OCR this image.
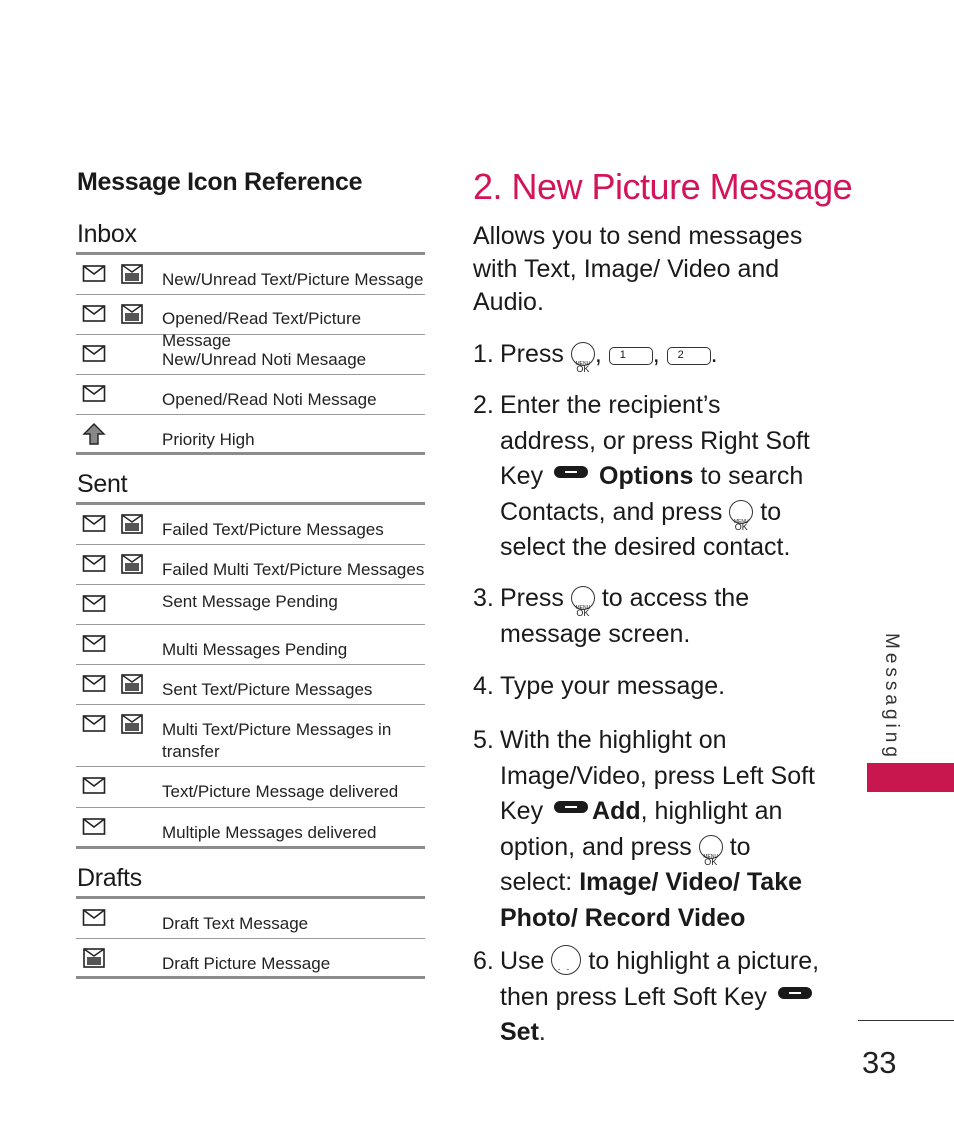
Message Icon Reference
Inbox
New/Unread Text/Picture Message
Opened/Read Text/Picture Message
New/Unread Noti Mesaage
Opened/Read Noti Message
Priority High
Sent
Failed Text/Picture Messages
Failed Multi Text/Picture Messages
Sent Message Pending
Multi Messages Pending
Sent Text/Picture Messages
Multi Text/Picture Messages in transfer
Text/Picture Message delivered
Multiple Messages delivered
Drafts
Draft Text Message
Draft Picture Message
2. New Picture Message
Allows you to send messages with Text, Image/ Video and Audio.
1. Press MENU OK , 1 , 2 .
2. Enter the recipient’s address, or press Right Soft Key Options to search Contacts, and press MENU OK to select the desired contact.
3. Press MENU OK to access the message screen.
4. Type your message.
5. With the highlight on Image/Video, press Left Soft Key Add, highlight an option, and press MENU OK to select: Image/ Video/ Take Photo/ Record Video
6. Use ·  · to highlight a picture, then press Left Soft Key  Set.
Messaging
33
